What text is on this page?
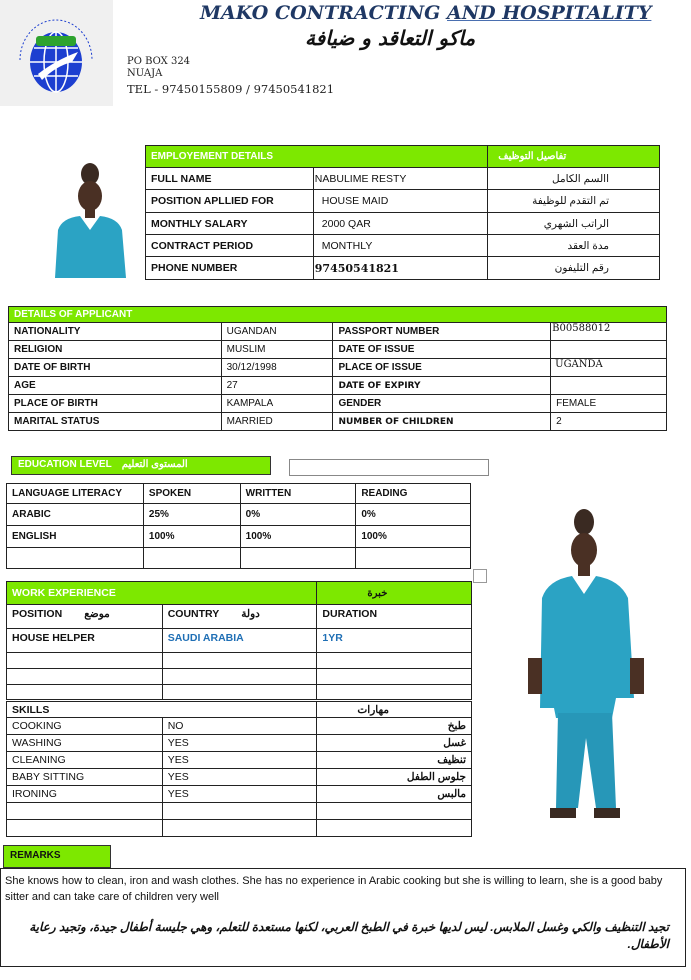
MAKO CONTRACTING AND HOSPITALITY
ماكو التعاقد و ضيافة
PO BOX 324
NUAJA
TEL - 97450155809 / 97450541821
EMPLOYEMENT DETAILS		تفاصيل التوظيف
FULL NAME	NABULIME RESTY	االسم الكامل
POSITION APLLIED FOR	HOUSE MAID	تم التقدم للوظيفة
MONTHLY SALARY	2000 QAR	الراتب الشهري
CONTRACT PERIOD	MONTHLY	مدة العقد
PHONE NUMBER	97450541821	رقم التليفون
DETAILS OF APPLICANT			
NATIONALITY	UGANDAN	PASSPORT NUMBER	B00588012
RELIGION	MUSLIM	DATE OF ISSUE	
DATE OF BIRTH	30/12/1998	PLACE OF ISSUE	UGANDA
AGE	27	DATE OF EXPIRY	
PLACE OF BIRTH	KAMPALA	GENDER	FEMALE
MARITAL STATUS	MARRIED	NUMBER OF CHILDREN	2
EDUCATION LEVEL المستوى التعليم
LANGUAGE LITERACY	SPOKEN	WRITTEN	READING
ARABIC	25%	0%	0%
ENGLISH	100%	100%	100%

WORK EXPERIENCE		خبرة
POSITION موضع	COUNTRY دولة	DURATION
HOUSE HELPER	SAUDI ARABIA	1YR

SKILLS		مهارات
COOKING	NO	طبخ
WASHING	YES	غسل
CLEANING	YES	تنظيف
BABY SITTING	YES	جلوس الطفل
IRONING	YES	مالبس

REMARKS
She knows how to clean, iron and wash clothes. She has no experience in Arabic cooking but she is willing to learn, she is a good baby sitter and can take care of children very well
تجيد التنظيف والكي وغسل الملابس. ليس لديها خبرة في الطبخ العربي، لكنها مستعدة للتعلم، وهي جليسة أطفال جيدة، وتجيد رعاية الأطفال.
